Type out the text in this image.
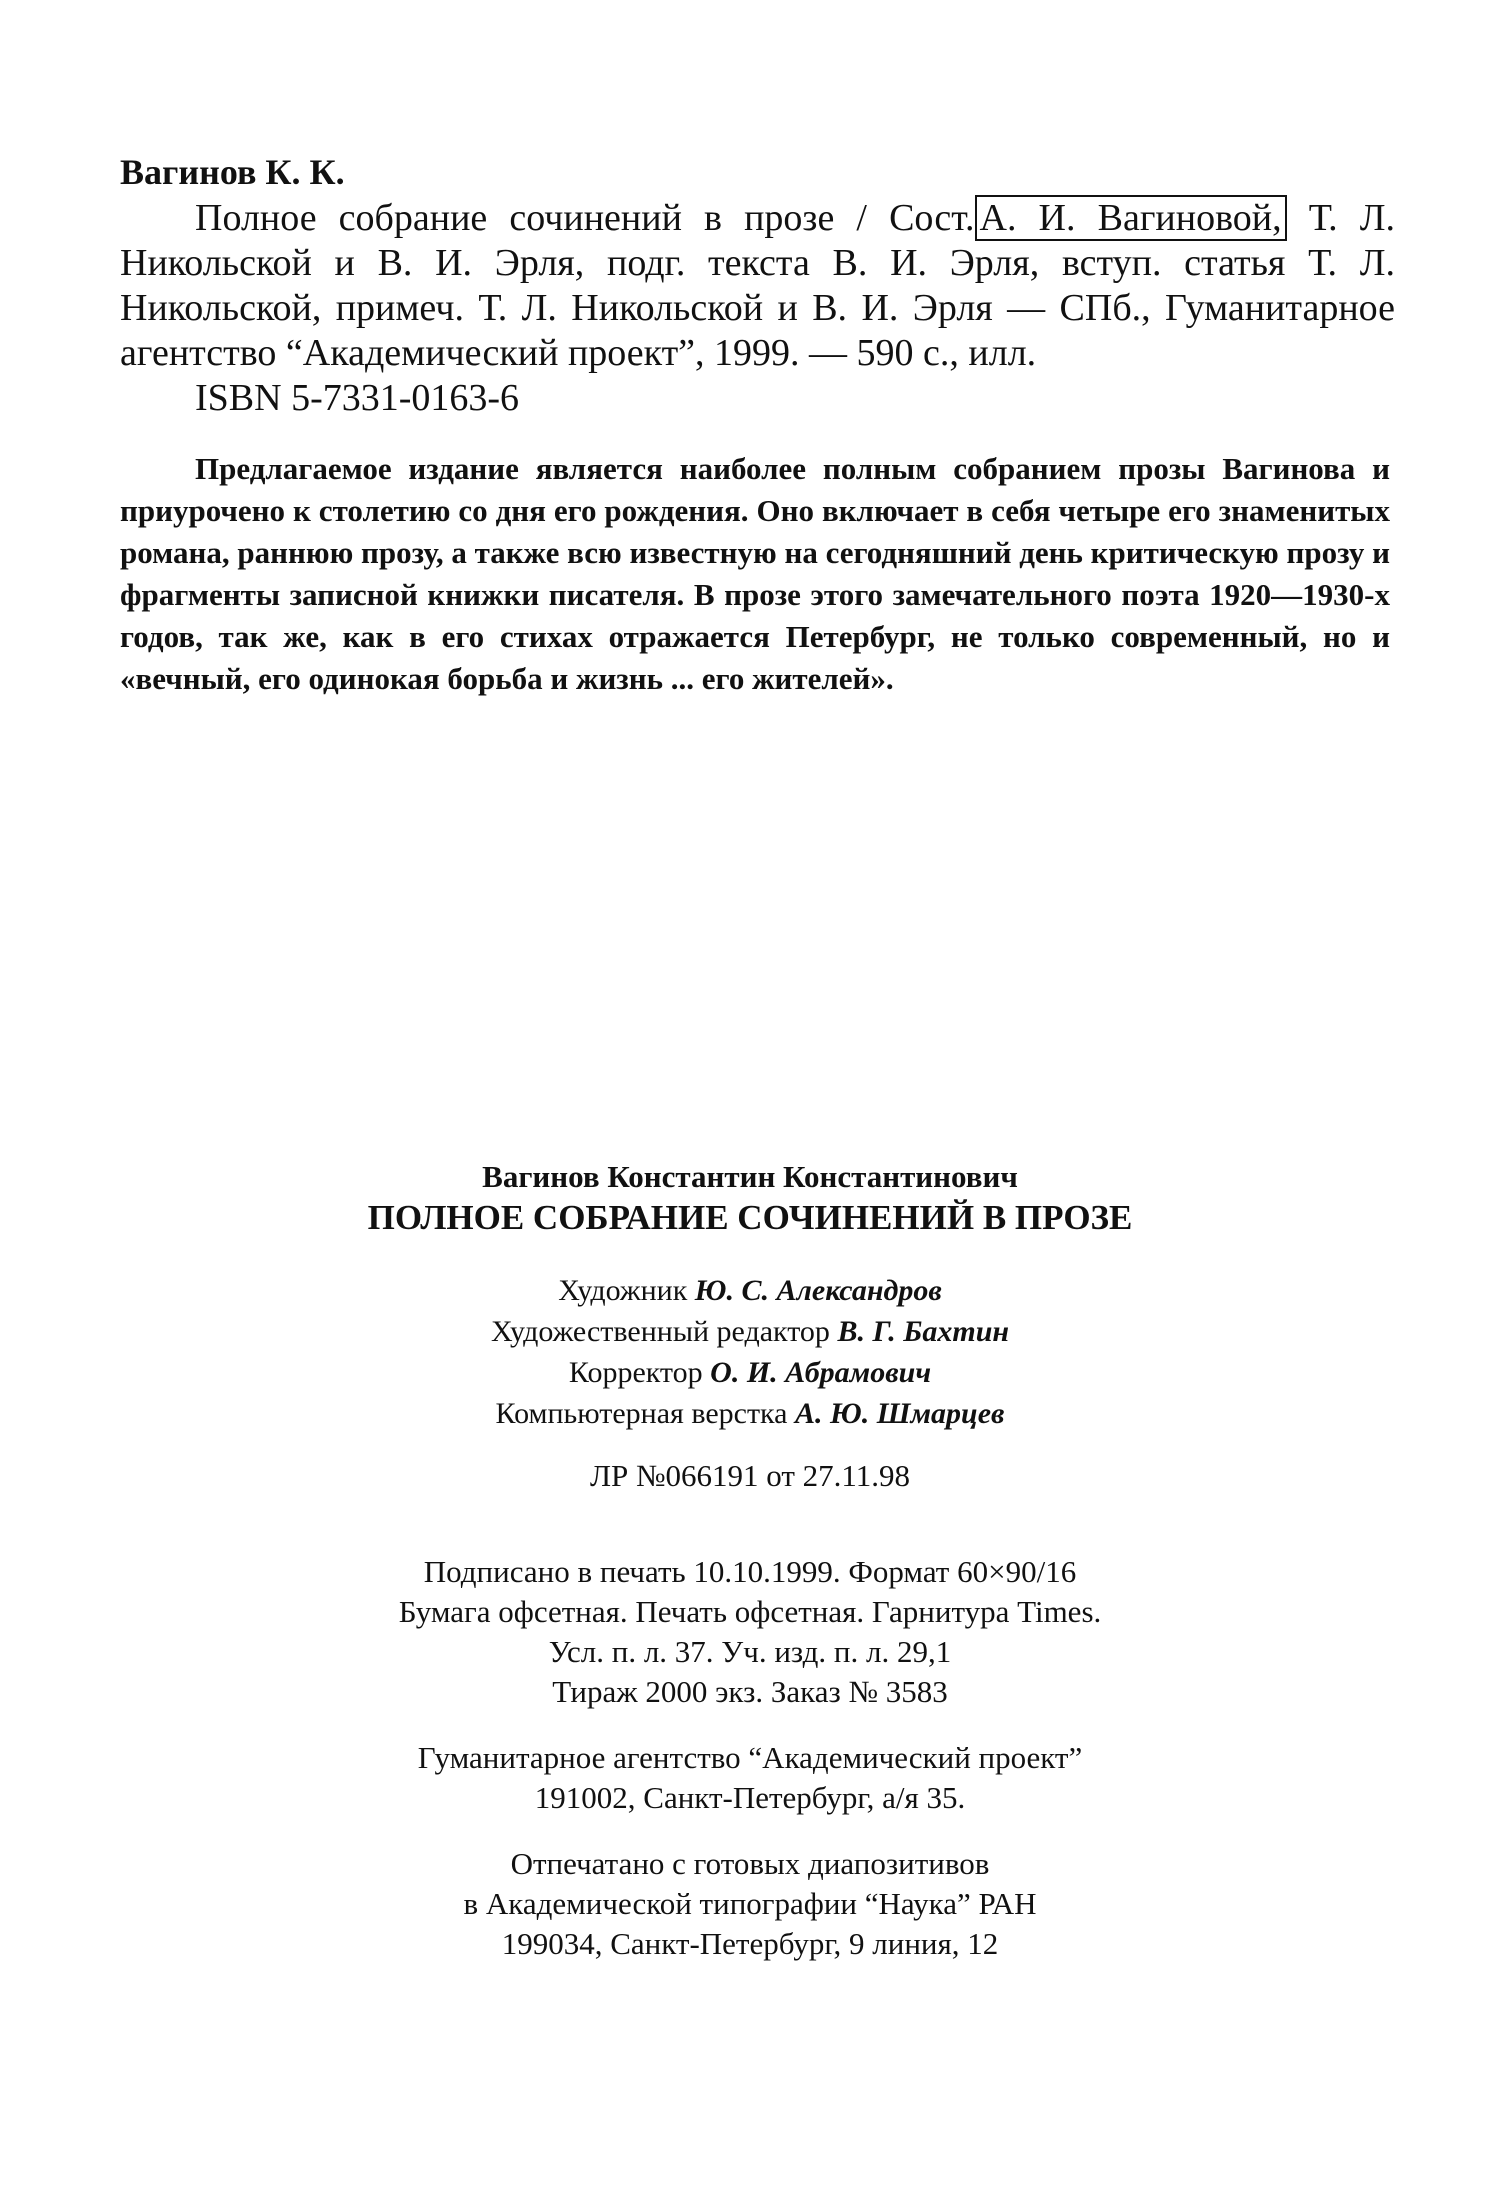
Вагинов К. К.

Полное собрание сочинений в прозе / Сост. А. И. Вагиновой, Т. Л. Никольской и В. И. Эрля, подг. текста В. И. Эрля, вступ. статья Т. Л. Никольской, примеч. Т. Л. Никольской и В. И. Эрля — СПб., Гуманитарное агентство “Академический проект”, 1999. — 590 с., илл.

ISBN 5-7331-0163-6

Предлагаемое издание является наиболее полным собранием прозы Вагинова и приурочено к столетию со дня его рождения. Оно включает в себя четыре его знаменитых романа, раннюю прозу, а также всю известную на сегодняшний день критическую прозу и фрагменты записной книжки писателя. В прозе этого замечательного поэта 1920—1930-х годов, так же, как в его стихах отражается Петербург, не только современный, но и «вечный, его одинокая борьба и жизнь ... его жителей».

Вагинов Константин Константинович

ПОЛНОЕ СОБРАНИЕ СОЧИНЕНИЙ В ПРОЗЕ

Художник Ю. С. Александров

Художественный редактор В. Г. Бахтин

Корректор О. И. Абрамович

Компьютерная верстка А. Ю. Шмарцев

ЛР №066191 от 27.11.98

Подписано в печать 10.10.1999. Формат 60×90/16

Бумага офсетная. Печать офсетная. Гарнитура Times.

Усл. п. л. 37. Уч. изд. п. л. 29,1

Тираж 2000 экз. Заказ № 3583

Гуманитарное агентство “Академический проект”

191002, Санкт-Петербург, а/я 35.

Отпечатано с готовых диапозитивов

в Академической типографии “Наука” РАН

199034, Санкт-Петербург, 9 линия, 12
